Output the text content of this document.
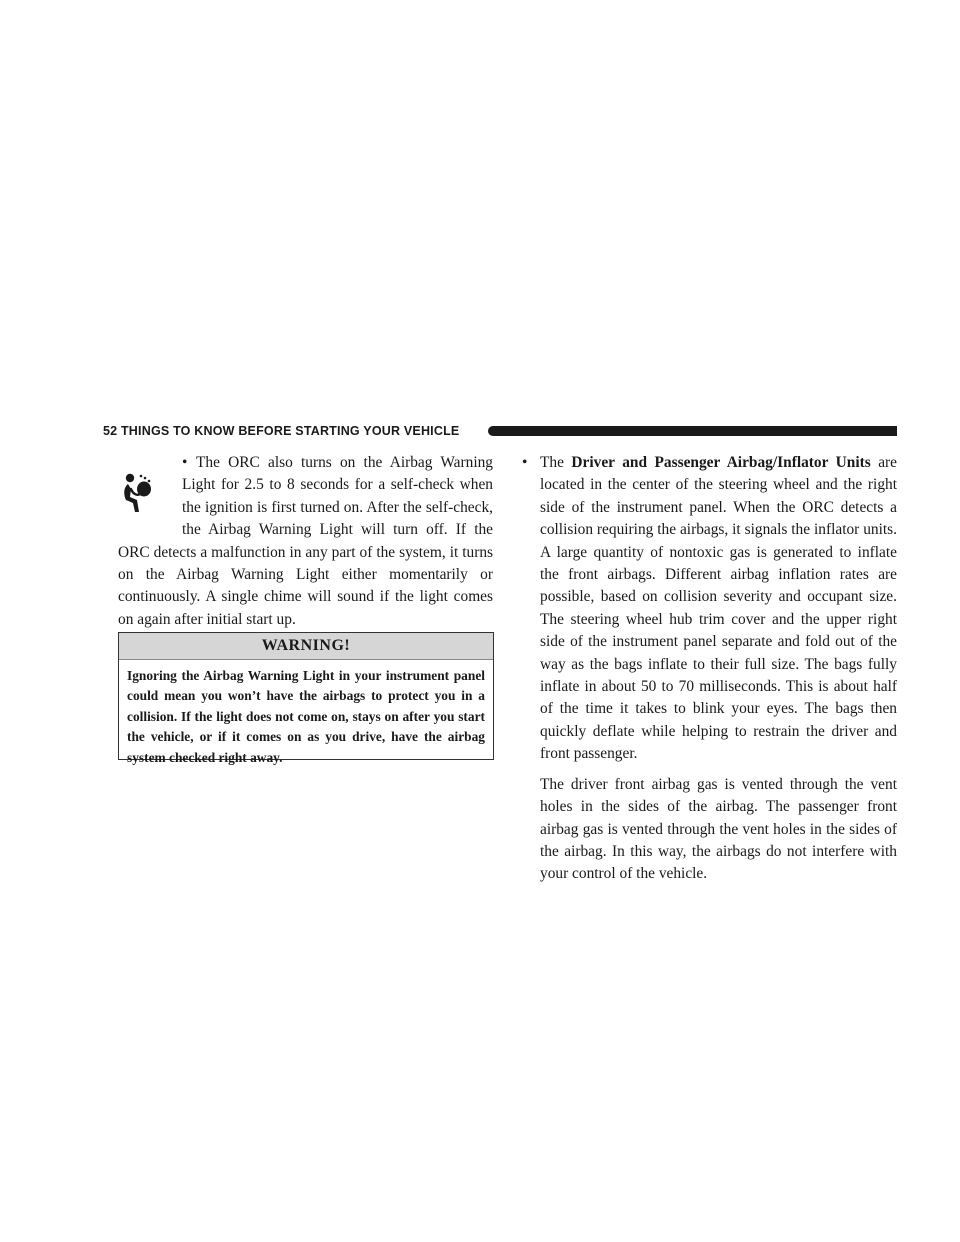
52 THINGS TO KNOW BEFORE STARTING YOUR VEHICLE

• The ORC also turns on the Airbag Warning Light for 2.5 to 8 seconds for a self-check when the ignition is first turned on. After the self-check, the Airbag Warning Light will turn off. If the ORC detects a malfunction in any part of the system, it turns on the Airbag Warning Light either momentarily or continuously. A single chime will sound if the light comes on again after initial start up.

WARNING!
Ignoring the Airbag Warning Light in your instrument panel could mean you won’t have the airbags to protect you in a collision. If the light does not come on, stays on after you start the vehicle, or if it comes on as you drive, have the airbag system checked right away.

• The Driver and Passenger Airbag/Inflator Units are located in the center of the steering wheel and the right side of the instrument panel. When the ORC detects a collision requiring the airbags, it signals the inflator units. A large quantity of nontoxic gas is generated to inflate the front airbags. Different airbag inflation rates are possible, based on collision severity and occupant size. The steering wheel hub trim cover and the upper right side of the instrument panel separate and fold out of the way as the bags inflate to their full size. The bags fully inflate in about 50 to 70 milliseconds. This is about half of the time it takes to blink your eyes. The bags then quickly deflate while helping to restrain the driver and front passenger.

The driver front airbag gas is vented through the vent holes in the sides of the airbag. The passenger front airbag gas is vented through the vent holes in the sides of the airbag. In this way, the airbags do not interfere with your control of the vehicle.
